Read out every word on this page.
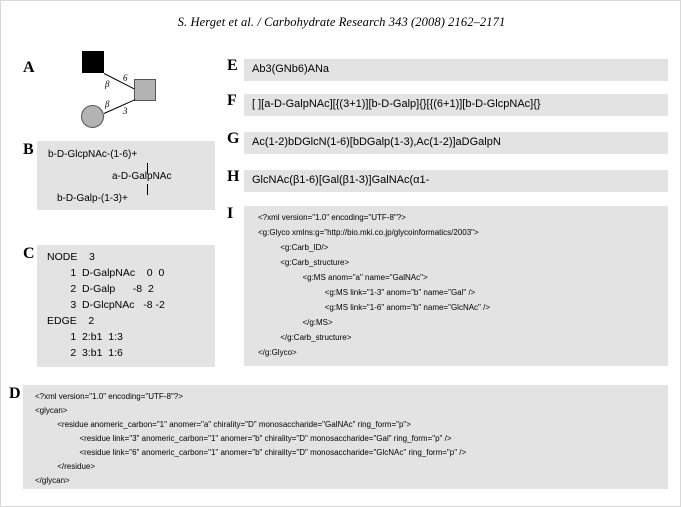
S. Herget et al. / Carbohydrate Research 343 (2008) 2162–2171
A
β
6
β
3
B b-D-GlcpNAc-(1-6)+
a-D-GalpNAc
b-D-Galp-(1-3)+
C NODE    3
1  D-GalpNAc    0  0
2  D-Galp      -8  2
3  D-GlcpNAc   -8 -2
EDGE    2
1  2:b1  1:3
2  3:b1  1:6
D <?xml version="1.0" encoding="UTF-8"?>
<glycan>
<residue anomeric_carbon="1" anomer="a" chirality="D" monosaccharide="GalNAc" ring_form="p">
<residue link="3" anomeric_carbon="1" anomer="b" chirality="D" monosaccharide="Gal" ring_form="p" />
<residue link="6" anomeric_carbon="1" anomer="b" chirality="D" monosaccharide="GlcNAc" ring_form="p" />
</residue>
</glycan>
E Ab3(GNb6)ANa
F [ ][a-D-GalpNAc][{(3+1)][b-D-Galp]{}[{(6+1)][b-D-GlcpNAc]{}
G Ac(1-2)bDGlcN(1-6)[bDGalp(1-3),Ac(1-2)]aDGalpN
H GlcNAc(β1-6)[Gal(β1-3)]GalNAc(α1-
I	<?xml version="1.0" encoding="UTF-8"?>
<g:Glyco xmlns:g="http://bio.mki.co.jp/glycoinformatics/2003">
<g:Carb_ID/>
<g:Carb_structure>
<g:MS anom="a" name="GalNAc">
<g:MS link="1-3" anom="b" name="Gal" />
<g:MS link="1-6" anom="b" name="GlcNAc" />
</g:MS>
</g:Carb_structure>
</g:Glyco>
